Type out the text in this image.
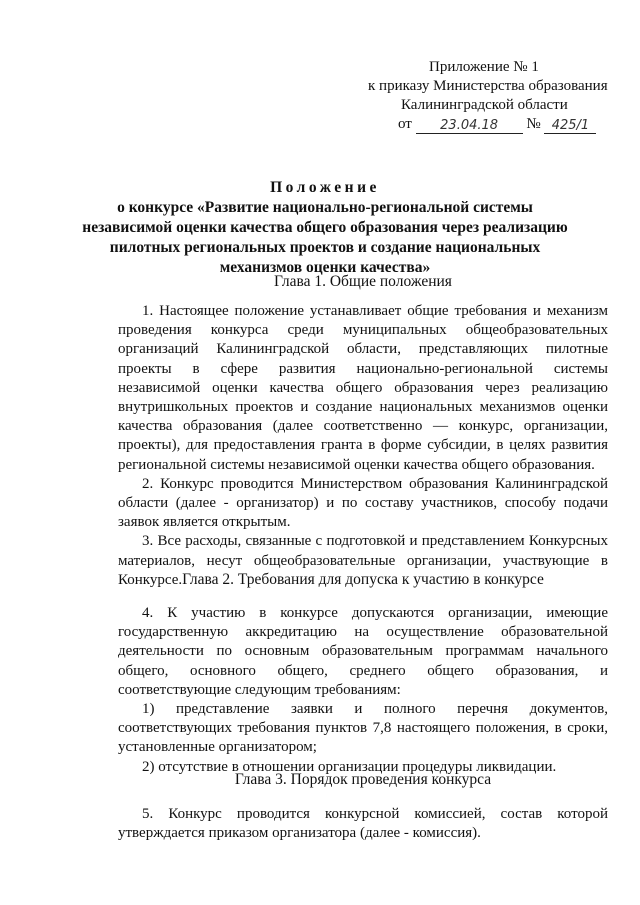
Приложение № 1
к приказу Министерства образования
Калининградской области
от 23.04.18 № 425/1
Положение
о конкурсе «Развитие национально-региональной системы независимой оценки качества общего образования через реализацию пилотных региональных проектов и создание национальных механизмов оценки качества»
Глава 1. Общие положения

1. Настоящее положение устанавливает общие требования и механизм проведения конкурса среди муниципальных общеобразовательных организаций Калининградской области, представляющих пилотные проекты в сфере развития национально-региональной системы независимой оценки качества общего образования через реализацию внутришкольных проектов и создание национальных механизмов оценки качества образования (далее соответственно — конкурс, организации, проекты), для предоставления гранта в форме субсидии, в целях развития региональной системы независимой оценки качества общего образования.

2. Конкурс проводится Министерством образования Калининградской области (далее - организатор) и по составу участников, способу подачи заявок является открытым.

3. Все расходы, связанные с подготовкой и представлением Конкурсных материалов, несут общеобразовательные организации, участвующие в Конкурсе. Глава 2. Требования для допуска к участию в конкурсе

4. К участию в конкурсе допускаются организации, имеющие государственную аккредитацию на осуществление образовательной деятельности по основным образовательным программам начального общего, основного общего, среднего общего образования, и соответствующие следующим требованиям:

1) представление заявки и полного перечня документов, соответствующих требования пунктов 7,8 настоящего положения, в сроки, установленные организатором;

2) отсутствие в отношении организации процедуры ликвидации.

Глава 3. Порядок проведения конкурса

5. Конкурс проводится конкурсной комиссией, состав которой утверждается приказом организатора (далее - комиссия).
